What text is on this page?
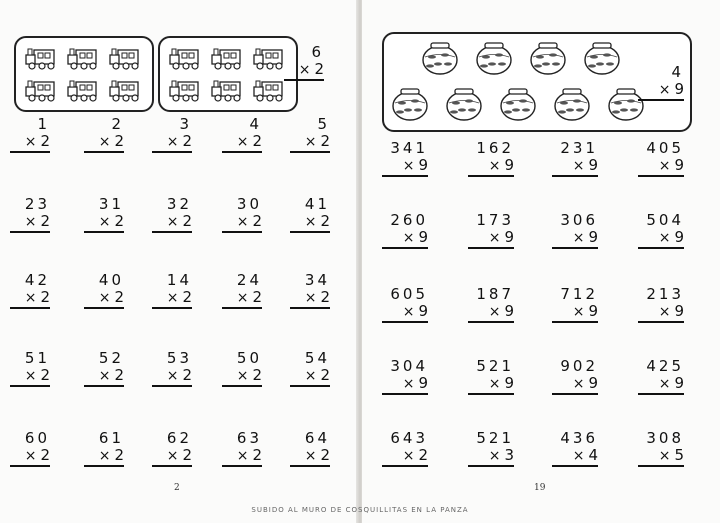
6
× 2
1
× 2
2
× 2
3
× 2
4
× 2
5
× 2
23
× 2
31
× 2
32
× 2
30
× 2
41
× 2
42
× 2
40
× 2
14
× 2
24
× 2
34
× 2
51
× 2
52
× 2
53
× 2
50
× 2
54
× 2
60
× 2
61
× 2
62
× 2
63
× 2
64
× 2
2
4
× 9
341
× 9
162
× 9
231
× 9
405
× 9
260
× 9
173
× 9
306
× 9
504
× 9
605
× 9
187
× 9
712
× 9
213
× 9
304
× 9
521
× 9
902
× 9
425
× 9
643
× 2
521
× 3
436
× 4
308
× 5
19
SUBIDO AL MURO DE COSQUILLITAS EN LA PANZA
